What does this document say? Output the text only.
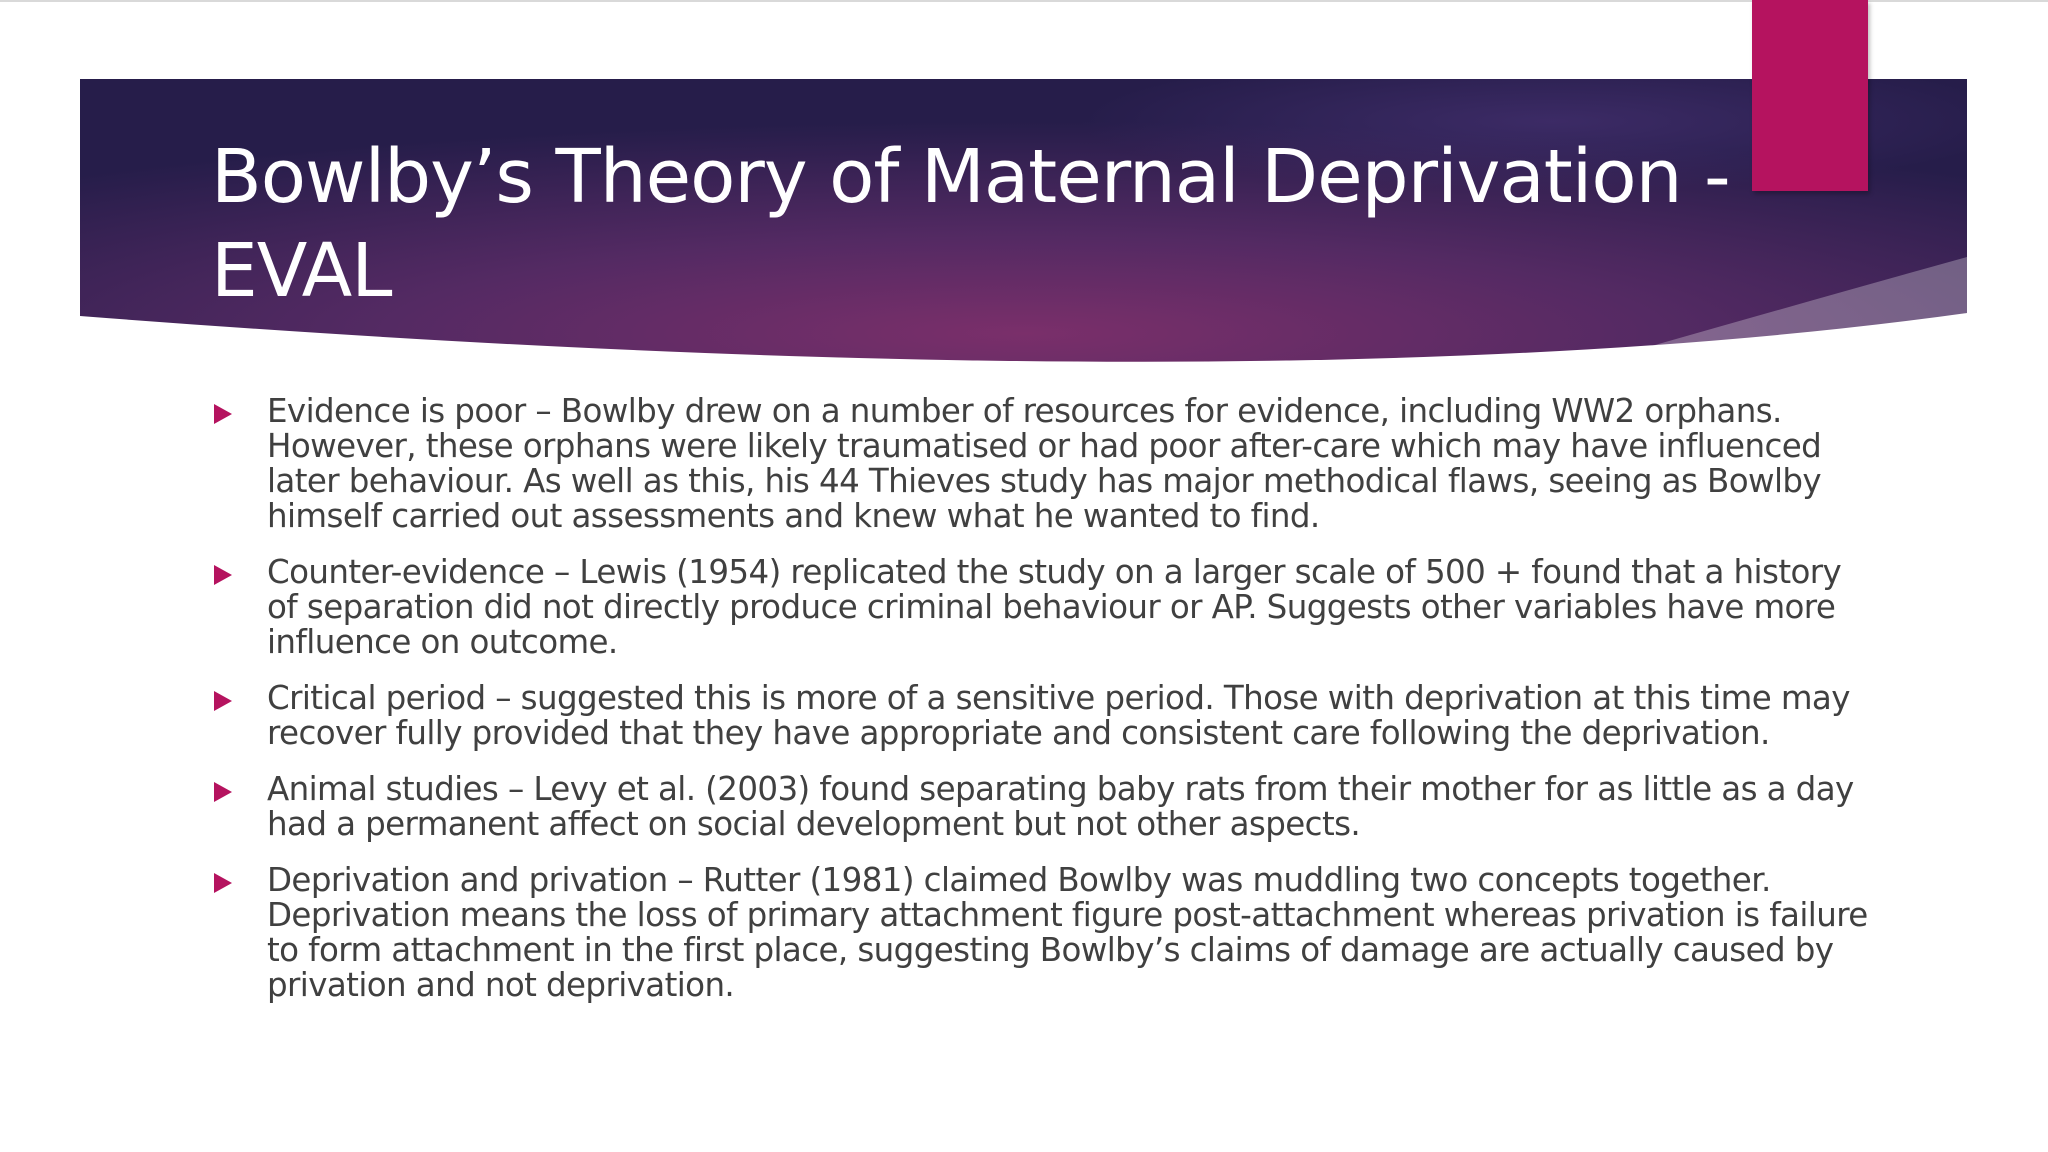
Bowlby’s Theory of Maternal Deprivation - EVAL
Evidence is poor – Bowlby drew on a number of resources for evidence, including WW2 orphans. However, these orphans were likely traumatised or had poor after-care which may have influenced later behaviour. As well as this, his 44 Thieves study has major methodical flaws, seeing as Bowlby himself carried out assessments and knew what he wanted to find.
Counter-evidence – Lewis (1954) replicated the study on a larger scale of 500 + found that a history of separation did not directly produce criminal behaviour or AP. Suggests other variables have more influence on outcome.
Critical period – suggested this is more of a sensitive period. Those with deprivation at this time may recover fully provided that they have appropriate and consistent care following the deprivation.
Animal studies – Levy et al. (2003) found separating baby rats from their mother for as little as a day had a permanent affect on social development but not other aspects.
Deprivation and privation – Rutter (1981) claimed Bowlby was muddling two concepts together. Deprivation means the loss of primary attachment figure post-attachment whereas privation is failure to form attachment in the first place, suggesting Bowlby’s claims of damage are actually caused by privation and not deprivation.
